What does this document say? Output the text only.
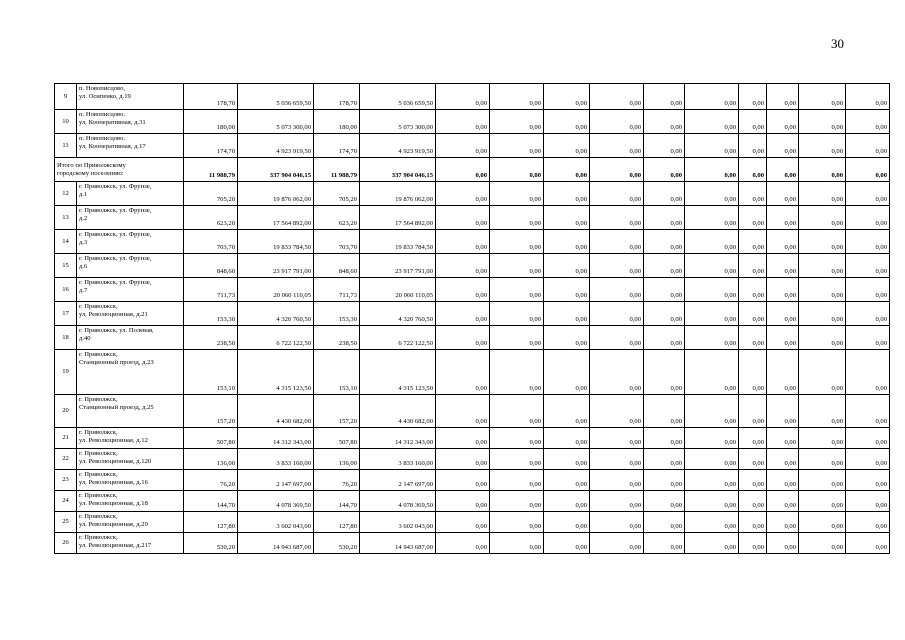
30
9	п. Новописцово,
ул. Осипенко, д.19	178,70	5 036 659,50	178,70	5 036 659,50	0,00	0,00	0,00	0,00	0,00	0,00	0,00	0,00	0,00	0,00
10	п. Новописцово.
ул. Кооперативная, д.31	180,00	5 073 300,00	180,00	5 073 300,00	0,00	0,00	0,00	0,00	0,00	0,00	0,00	0,00	0,00	0,00
11	п. Новописцово.
ул. Кооперативная, д.17	174,70	4 923 919,50	174,70	4 923 919,50	0,00	0,00	0,00	0,00	0,00	0,00	0,00	0,00	0,00	0,00

Итого по Приволжскому
городскому поселению:		11 988,79	337 904 046,15	11 988,79	337 904 046,15	0,00	0,00	0,00	0,00	0,00	0,00	0,00	0,00	0,00	0,00
12	г. Приволжск, ул. Фрунзе,
д.1	705,20	19 876 062,00	705,20	19 876 062,00	0,00	0,00	0,00	0,00	0,00	0,00	0,00	0,00	0,00	0,00
13	г. Приволжск, ул. Фрунзе,
д.2	623,20	17 564 892,00	623,20	17 564 892,00	0,00	0,00	0,00	0,00	0,00	0,00	0,00	0,00	0,00	0,00
14	г. Приволжск, ул. Фрунзе,
д.3	703,70	19 833 784,50	703,70	19 833 784,50	0,00	0,00	0,00	0,00	0,00	0,00	0,00	0,00	0,00	0,00
15	г. Приволжск, ул. Фрунзе,
д.6	848,60	23 917 791,00	848,60	23 917 791,00	0,00	0,00	0,00	0,00	0,00	0,00	0,00	0,00	0,00	0,00
16	г. Приволжск, ул. Фрунзе,
д.7	711,73	20 060 110,05	711,73	20 060 110,05	0,00	0,00	0,00	0,00	0,00	0,00	0,00	0,00	0,00	0,00
17	г. Приволжск,
ул. Революционная, д.21	153,30	4 320 760,50	153,30	4 320 760,50	0,00	0,00	0,00	0,00	0,00	0,00	0,00	0,00	0,00	0,00
18	г. Приволжск, ул. Полевая,
д.40	238,50	6 722 122,50	238,50	6 722 122,50	0,00	0,00	0,00	0,00	0,00	0,00	0,00	0,00	0,00	0,00
19	г. Приволжск,
Станционный проезд, д.23	153,10	4 315 123,50	153,10	4 315 123,50	0,00	0,00	0,00	0,00	0,00	0,00	0,00	0,00	0,00	0,00
20	г. Приволжск,
Станционный проезд, д.25	157,20	4 430 682,00	157,20	4 430 682,00	0,00	0,00	0,00	0,00	0,00	0,00	0,00	0,00	0,00	0,00
21	г. Приволжск,
ул. Революционная, д.12	507,80	14 312 343,00	507,80	14 312 343,00	0,00	0,00	0,00	0,00	0,00	0,00	0,00	0,00	0,00	0,00
22	г. Приволжск,
ул. Революционная, д.120	136,00	3 833 160,00	136,00	3 833 160,00	0,00	0,00	0,00	0,00	0,00	0,00	0,00	0,00	0,00	0,00
23	г. Приволжск,
ул. Революционная, д.16	76,20	2 147 697,00	76,20	2 147 697,00	0,00	0,00	0,00	0,00	0,00	0,00	0,00	0,00	0,00	0,00
24	г. Приволжск,
ул. Революционная, д.18	144,70	4 078 369,50	144,70	4 078 369,50	0,00	0,00	0,00	0,00	0,00	0,00	0,00	0,00	0,00	0,00
25	г. Приволжск,
ул. Революционная, д.29	127,80	3 602 043,00	127,80	3 602 043,00	0,00	0,00	0,00	0,00	0,00	0,00	0,00	0,00	0,00	0,00
26	г. Приволжск,
ул. Революционная, д.217	530,20	14 943 687,00	530,20	14 943 687,00	0,00	0,00	0,00	0,00	0,00	0,00	0,00	0,00	0,00	0,00
